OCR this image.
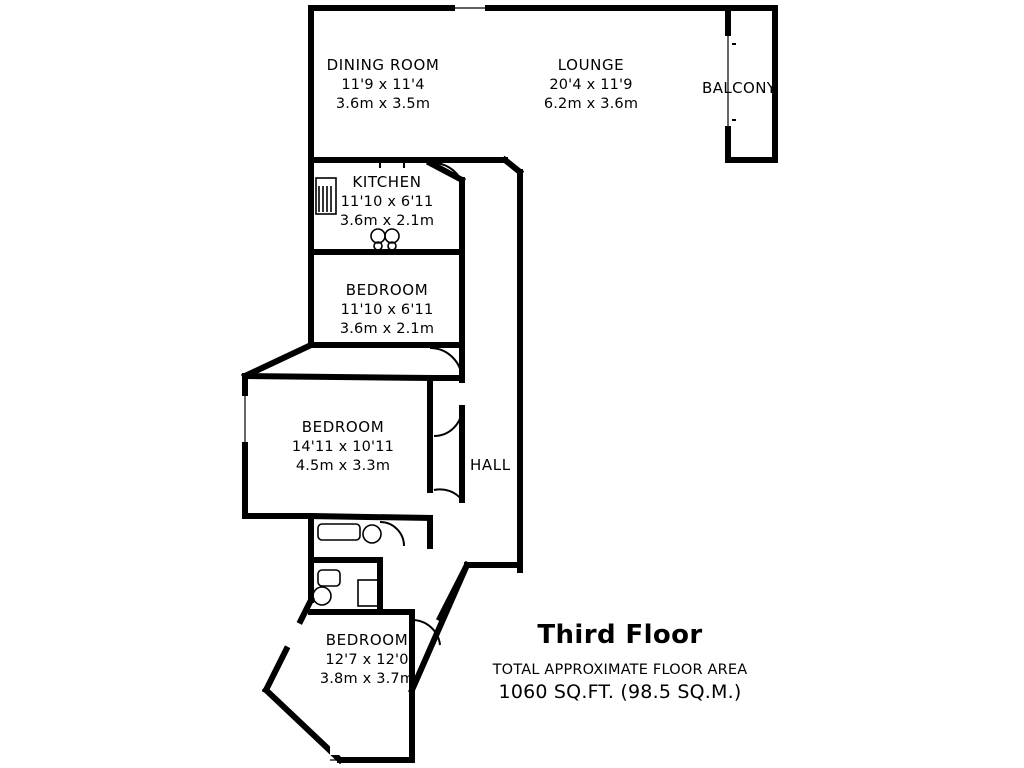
DINING ROOM
11'9 x 11'4
3.6m x 3.5m
LOUNGE
20'4 x 11'9
6.2m x 3.6m
KITCHEN
11'10 x 6'11
3.6m x 2.1m
BEDROOM
11'10 x 6'11
3.6m x 2.1m
BEDROOM
14'11 x 10'11
4.5m x 3.3m
BEDROOM
12'7 x 12'0
3.8m x 3.7m
HALL
BALCONY
Third Floor
TOTAL APPROXIMATE FLOOR AREA
1060 SQ.FT. (98.5 SQ.M.)
